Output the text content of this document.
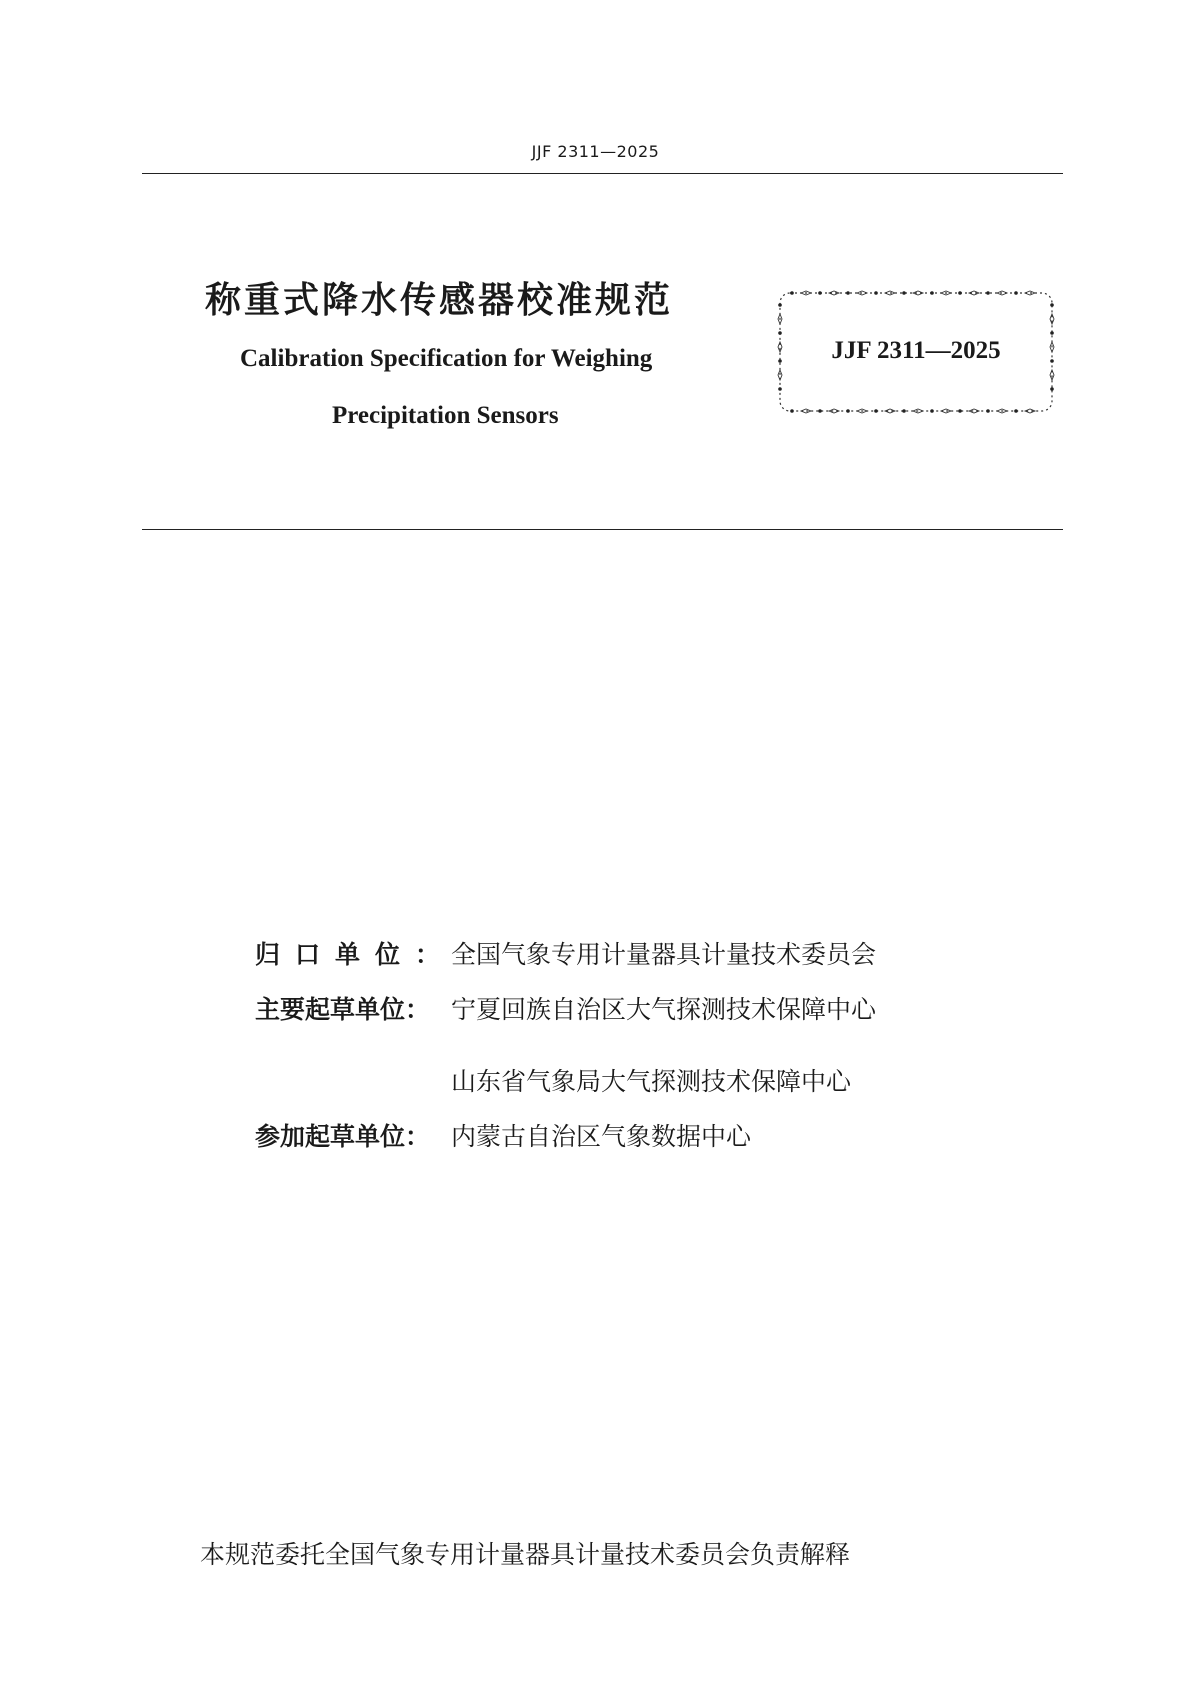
JJF 2311—2025
称重式降水传感器校准规范
Calibration Specification for Weighing
Precipitation Sensors
JJF 2311—2025
归口单位：
全国气象专用计量器具计量技术委员会
主要起草单位： 宁夏回族自治区大气探测技术保障中心
山东省气象局大气探测技术保障中心
参加起草单位： 内蒙古自治区气象数据中心
本规范委托全国气象专用计量器具计量技术委员会负责解释
